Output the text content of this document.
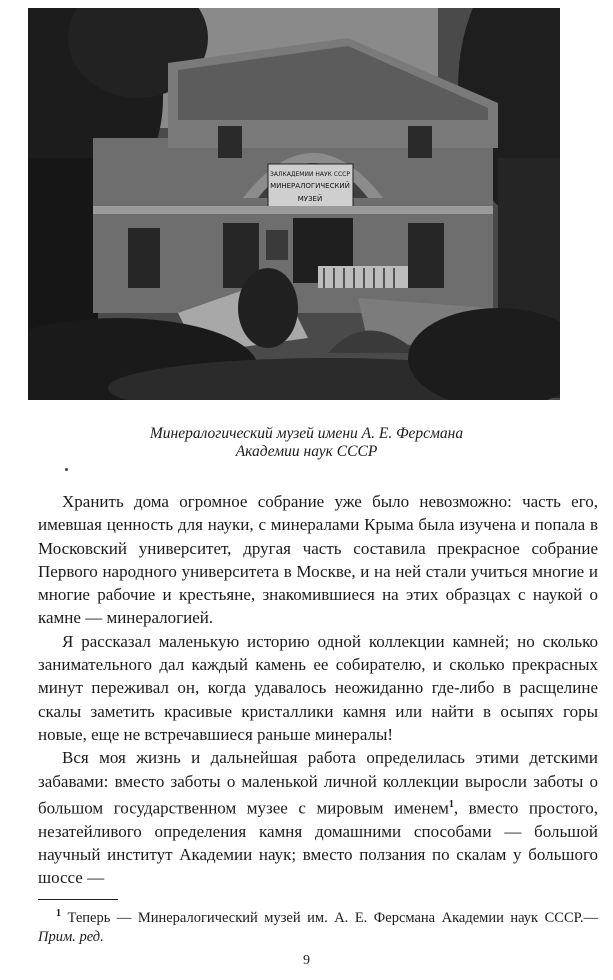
ЗАЛКАДЕМИИ НАУК СССР
МИНЕРАЛОГИЧЕСКИЙ
МУЗЕЙ
Минералогический музей имени А. Е. Ферсмана
Академии наук СССР

Хранить дома огромное собрание уже было невозможно: часть его, имевшая ценность для науки, с минералами Крыма была изучена и попала в Московский университет, другая часть составила прекрасное собрание Первого народного университета в Москве, и на ней стали учиться многие и многие рабочие и крестьяне, знакомившиеся на этих образцах с наукой о камне — минералогией.

Я рассказал маленькую историю одной коллекции камней; но сколько занимательного дал каждый камень ее собирателю, и сколько прекрасных минут переживал он, когда удавалось неожиданно где-либо в расщелине скалы заметить красивые кристаллики камня или найти в осыпях горы новые, еще не встречавшиеся раньше минералы!

Вся моя жизнь и дальнейшая работа определилась этими детскими забавами: вместо заботы о маленькой личной коллекции выросли заботы о большом государственном музее с мировым именем$^1$, вместо простого, незатейливого определения камня домашними способами — большой научный институт Академии наук; вместо ползания по скалам у большого шоссе —

$^1$ Теперь — Минералогический музей им. А. Е. Ферсмана Академии наук СССР.— Прим. ред.
9
